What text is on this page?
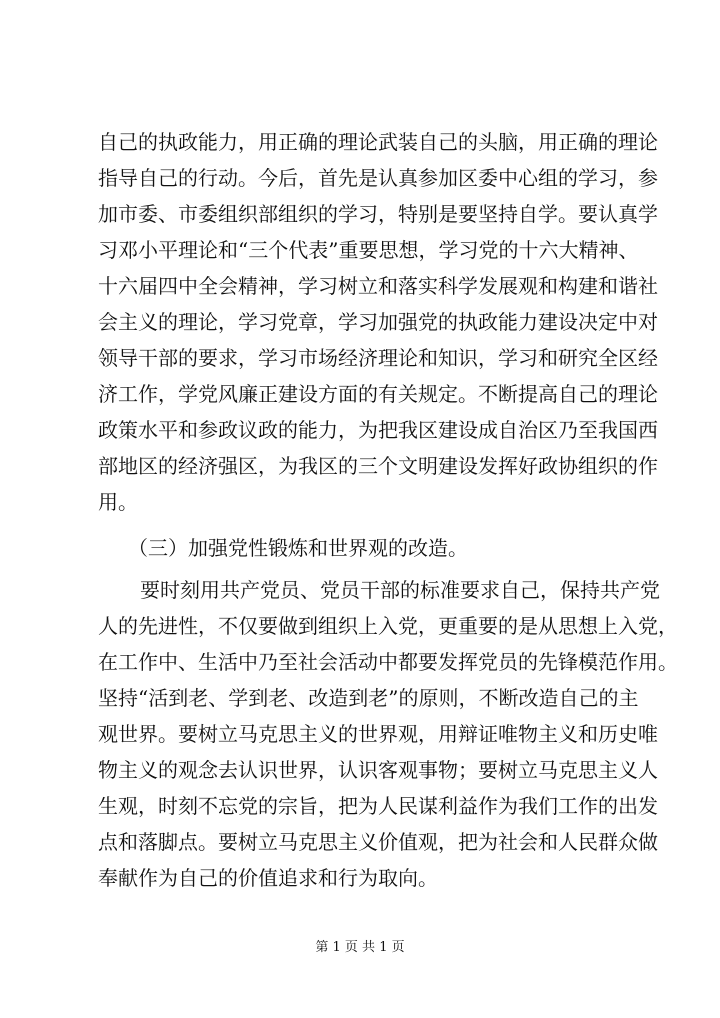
自己的执政能力，用正确的理论武装自己的头脑，用正确的理论
指导自己的行动。今后，首先是认真参加区委中心组的学习，参
加市委、市委组织部组织的学习，特别是要坚持自学。要认真学
习邓小平理论和“三个代表”重要思想，学习党的十六大精神、
十六届四中全会精神，学习树立和落实科学发展观和构建和谐社
会主义的理论，学习党章，学习加强党的执政能力建设决定中对
领导干部的要求，学习市场经济理论和知识，学习和研究全区经
济工作，学党风廉正建设方面的有关规定。不断提高自己的理论
政策水平和参政议政的能力，为把我区建设成自治区乃至我国西
部地区的经济强区，为我区的三个文明建设发挥好政协组织的作
用。
（三）加强党性锻炼和世界观的改造。
要时刻用共产党员、党员干部的标准要求自己，保持共产党
人的先进性，不仅要做到组织上入党，更重要的是从思想上入党，
在工作中、生活中乃至社会活动中都要发挥党员的先锋模范作用。
坚持“活到老、学到老、改造到老”的原则，不断改造自己的主
观世界。要树立马克思主义的世界观，用辩证唯物主义和历史唯
物主义的观念去认识世界，认识客观事物；要树立马克思主义人
生观，时刻不忘党的宗旨，把为人民谋利益作为我们工作的出发
点和落脚点。要树立马克思主义价值观，把为社会和人民群众做
奉献作为自己的价值追求和行为取向。
第 1 页 共 1 页
